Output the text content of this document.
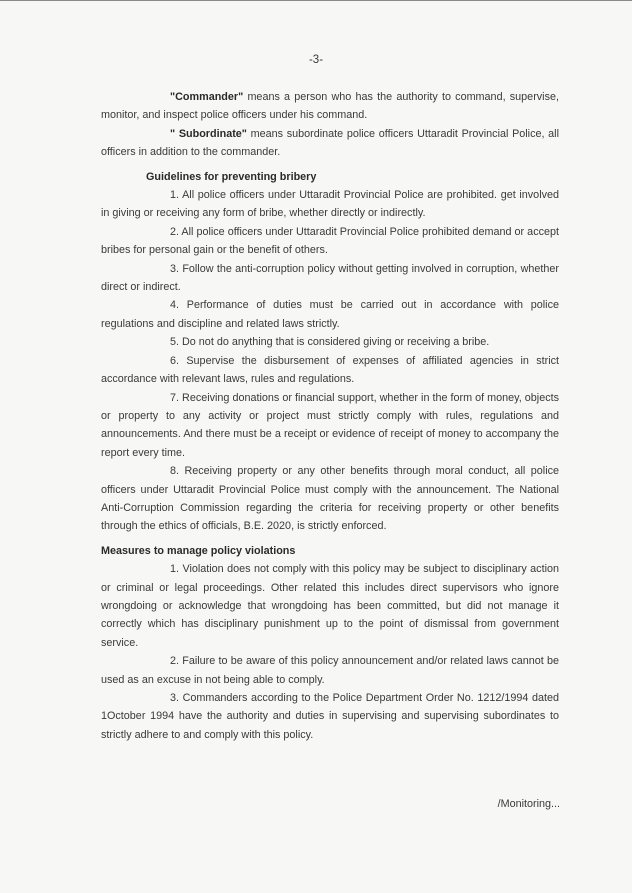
-3-

"Commander" means a person who has the authority to command, supervise, monitor, and inspect police officers under his command.

" Subordinate" means subordinate police officers Uttaradit Provincial Police, all officers in addition to the commander.

Guidelines for preventing bribery

1. All police officers under Uttaradit Provincial Police are prohibited. get involved in giving or receiving any form of bribe, whether directly or indirectly.

2. All police officers under Uttaradit Provincial Police prohibited demand or accept bribes for personal gain or the benefit of others.

3. Follow the anti-corruption policy without getting involved in corruption, whether direct or indirect.

4. Performance of duties must be carried out in accordance with police regulations and discipline and related laws strictly.

5. Do not do anything that is considered giving or receiving a bribe.

6. Supervise the disbursement of expenses of affiliated agencies in strict accordance with relevant laws, rules and regulations.

7. Receiving donations or financial support, whether in the form of money, objects or property to any activity or project must strictly comply with rules, regulations and announcements. And there must be a receipt or evidence of receipt of money to accompany the report every time.

8. Receiving property or any other benefits through moral conduct, all police officers under Uttaradit Provincial Police must comply with the announcement. The National Anti-Corruption Commission regarding the criteria for receiving property or other benefits through the ethics of officials, B.E. 2020, is strictly enforced.

Measures to manage policy violations

1. Violation does not comply with this policy may be subject to disciplinary action or criminal or legal proceedings. Other related this includes direct supervisors who ignore wrongdoing or acknowledge that wrongdoing has been committed, but did not manage it correctly which has disciplinary punishment up to the point of dismissal from government service.

2. Failure to be aware of this policy announcement and/or related laws cannot be used as an excuse in not being able to comply.

3. Commanders according to the Police Department Order No. 1212/1994 dated 1October 1994 have the authority and duties in supervising and supervising subordinates to strictly adhere to and comply with this policy.

/Monitoring...
